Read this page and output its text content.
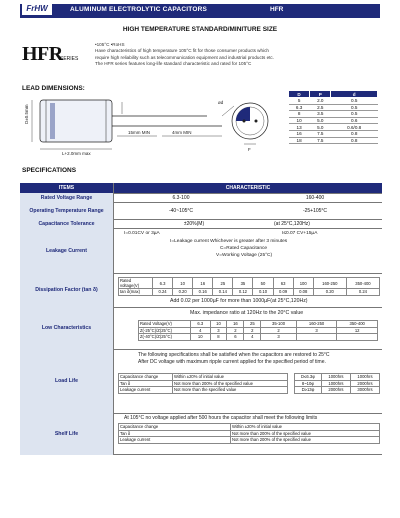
FrHW	ALUMINUM ELECTROLYTIC CAPACITORS	HFR
HIGH TEMPERATURE STANDARD/MINITURE SIZE
HFR
SERIES
•105°C •RoHS
Have characteristics of high temperature 105°C fit for those consumer products which
require high reliability such as telecommunication equipment and industrial products etc.
The HFR series features long-life standard characteristic and rated for 105°C
LEAD DIMENSIONS:
D±0.5mm
L+2.0mm max
15mm MIN	4mm MIN
F
ød
D	P	d
5	2.0	0.5
6.3	2.5	0.5
8	3.5	0.5
10	5.0	0.6
13	5.0	0.6/0.8
16	7.5	0.8
18	7.5	0.8
SPECIFICATIONS
ITEMS	CHARACTERISTIC
Rated Voltage Range	6.3-100	160-400
Operating Temperature Range	-40~105°C	-25+105°C
Capacitance Tolerance	±20%(M)	(at 25°C,120Hz)
Leakage Current
I=0.01CV or 3µA	I≤0.07 CV+15µA
I=Leakage current Whichever is greater after 3 minutes
C=Rated Capacitance
V=Working Voltage (25°C)
Dissipation Factor (tan δ)
Rated voltage(V)	6.3	10	16	25	35	50	63	100	160-250	350-400
tan δ(max)	0.24	0.20	0.16	0.14	0.12	0.10	0.09	0.08	0.20	0.24
Add 0.02 per 1000µF for more than 1000µF(at 25°C,120Hz)
Low Characteristics
Max. impedance ratio at 120Hz to the 20°C value
Rated Voltage(V)	6.3	10	16	25	35-100	160-250	350-400
Z(-25°C)/Z(25°C)	4	3	2	2	2	3	12
Z(-40°C)/Z(25°C)	10	8	6	4	3		
Load Life
The following specifications shall be satisfied when the capacitors are restored to 25°C
After DC voltage with maximum ripple current applied for the specified period of time.
Capacitance change	Within ±20% of initial value
Tan δ	Not more than 200% of the specified value
Leakage current	Not more than the specified value
D≤6.3φ	1000hrs	1000hrs
8~10φ	1000hrs	2000hrs
D≥13φ	2000hrs	3000hrs
Shelf Life
At 105°C no voltage applied after 500 hours the capacitor shall meet the following limits
Capacitance change	Within ±20% of initial value
Tan δ	Not more than 200% of the specified value
Leakage current	Not more than 200% of the specified value
